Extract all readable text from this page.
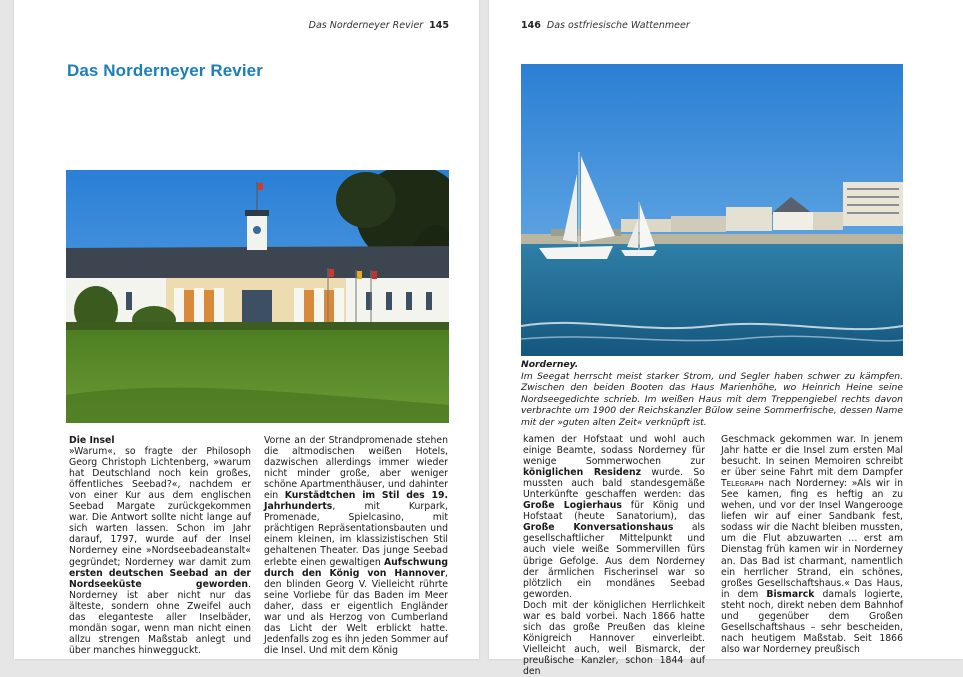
Das Norderneyer Revier 145
Das Norderneyer Revier

Die Insel

»Warum«, so fragte der Philosoph Georg Christoph Lichtenberg, »warum hat Deutschland noch kein großes, öffentliches Seebad?«, nachdem er von einer Kur aus dem englischen Seebad Margate zurückgekommen war. Die Antwort sollte nicht lange auf sich warten lassen. Schon im Jahr darauf, 1797, wurde auf der Insel Norderney eine »Nordseebadeanstalt« gegründet; Norderney war damit zum ersten deutschen Seebad an der Nordseeküste geworden. Norderney ist aber nicht nur das älteste, sondern ohne Zweifel auch das eleganteste aller Inselbäder, mondän sogar, wenn man nicht einen allzu strengen Maßstab anlegt und über manches hinwegguckt.

Vorne an der Strandpromenade stehen die altmodischen weißen Hotels, dazwischen allerdings immer wieder nicht minder große, aber weniger schöne Apartmenthäuser, und dahinter ein Kurstädtchen im Stil des 19. Jahrhunderts, mit Kurpark, Promenade, Spielcasino, mit prächtigen Repräsentationsbauten und einem kleinen, im klassizistischen Stil gehaltenen Theater. Das junge Seebad erlebte einen gewaltigen Aufschwung durch den König von Hannover, den blinden Georg V. Vielleicht rührte seine Vorliebe für das Baden im Meer daher, dass er eigentlich Engländer war und als Herzog von Cumberland das Licht der Welt erblickt hatte. Jedenfalls zog es ihn jeden Sommer auf die Insel. Und mit dem König

146 Das ostfriesische Wattenmeer
Norderney.
Im Seegat herrscht meist starker Strom, und Segler haben schwer zu kämpfen. Zwischen den beiden Booten das Haus Marienhöhe, wo Heinrich Heine seine Nordseegedichte schrieb. Im weißen Haus mit dem Treppengiebel rechts davon verbrachte um 1900 der Reichskanzler Bülow seine Sommerfrische, dessen Name mit der »guten alten Zeit« verknüpft ist.

kamen der Hofstaat und wohl auch einige Beamte, sodass Norderney für wenige Sommerwochen zur königlichen Residenz wurde. So mussten auch bald standesgemäße Unterkünfte geschaffen werden: das Große Logierhaus für König und Hofstaat (heute Sanatorium), das Große Konversationshaus als gesellschaftlicher Mittelpunkt und auch viele weiße Sommervillen fürs übrige Gefolge. Aus dem Norderney der ärmlichen Fischerinsel war so plötzlich ein mondänes Seebad geworden.

Doch mit der königlichen Herrlichkeit war es bald vorbei. Nach 1866 hatte sich das große Preußen das kleine Königreich Hannover einverleibt. Vielleicht auch, weil Bismarck, der preußische Kanzler, schon 1844 auf den

Geschmack gekommen war. In jenem Jahr hatte er die Insel zum ersten Mal besucht. In seinen Memoiren schreibt er über seine Fahrt mit dem Dampfer Telegraph nach Norderney: »Als wir in See kamen, fing es heftig an zu wehen, und vor der Insel Wangerooge liefen wir auf einer Sandbank fest, sodass wir die Nacht bleiben mussten, um die Flut abzuwarten … erst am Dienstag früh kamen wir in Norderney an. Das Bad ist charmant, namentlich ein herrlicher Strand, ein schönes, großes Gesellschaftshaus.« Das Haus, in dem Bismarck damals logierte, steht noch, direkt neben dem Bahnhof und gegenüber dem Großen Gesellschaftshaus – sehr bescheiden, nach heutigem Maßstab. Seit 1866 also war Norderney preußisch
